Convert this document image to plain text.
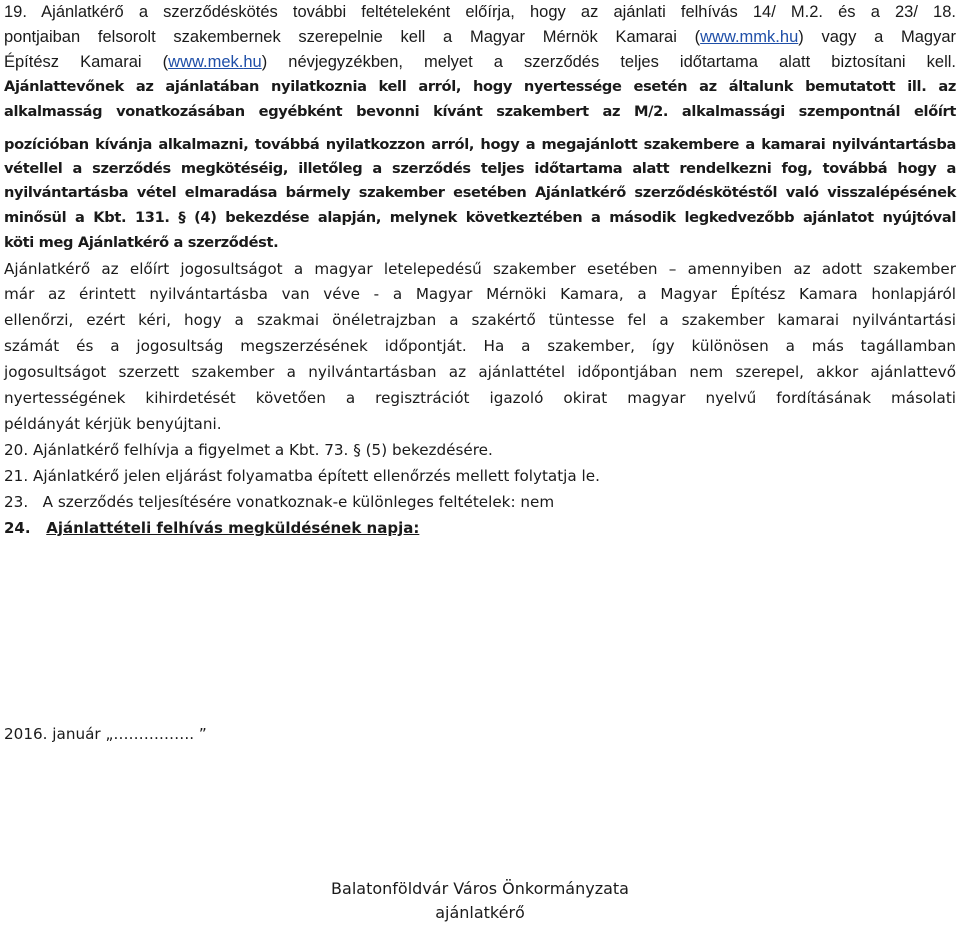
19. Ajánlatkérő a szerződéskötés további feltételeként előírja, hogy az ajánlati felhívás 14/ M.2. és a 23/ 18.
pontjaiban felsorolt szakembernek szerepelnie kell a Magyar Mérnök Kamarai (www.mmk.hu) vagy a Magyar
Építész Kamarai (www.mek.hu) névjegyzékben, melyet a szerződés teljes időtartama alatt biztosítani kell.
Ajánlattevőnek az ajánlatában nyilatkoznia kell arról, hogy nyertessége esetén az általunk bemutatott ill. az
alkalmasság vonatkozásában egyébként bevonni kívánt szakembert az M/2. alkalmassági szempontnál előírt
pozícióban kívánja alkalmazni, továbbá nyilatkozzon arról, hogy a megajánlott szakembere a kamarai nyilvántartásba
vétellel a szerződés megkötéséig, illetőleg a szerződés teljes időtartama alatt rendelkezni fog, továbbá hogy a
nyilvántartásba vétel elmaradása bármely szakember esetében Ajánlatkérő szerződéskötéstől való visszalépésének
minősül a Kbt. 131. § (4) bekezdése alapján, melynek következtében a második legkedvezőbb ajánlatot nyújtóval
köti meg Ajánlatkérő a szerződést.
Ajánlatkérő az előírt jogosultságot a magyar letelepedésű szakember esetében – amennyiben az adott szakember
már az érintett nyilvántartásba van véve - a Magyar Mérnöki Kamara, a Magyar Építész Kamara honlapjáról
ellenőrzi, ezért kéri, hogy a szakmai önéletrajzban a szakértő tüntesse fel a szakember kamarai nyilvántartási
számát és a jogosultság megszerzésének időpontját. Ha a szakember, így különösen a más tagállamban
jogosultságot szerzett szakember a nyilvántartásban az ajánlattétel időpontjában nem szerepel, akkor ajánlattevő
nyertességének kihirdetését követően a regisztrációt igazoló okirat magyar nyelvű fordításának másolati
példányát kérjük benyújtani.
20. Ajánlatkérő felhívja a figyelmet a Kbt. 73. § (5) bekezdésére.
21. Ajánlatkérő jelen eljárást folyamatba épített ellenőrzés mellett folytatja le.
23. A szerződés teljesítésére vonatkoznak-e különleges feltételek: nem
24. Ajánlattételi felhívás megküldésének napja:
2016. január „……………. ”
Balatonföldvár Város Önkormányzata
ajánlatkérő
